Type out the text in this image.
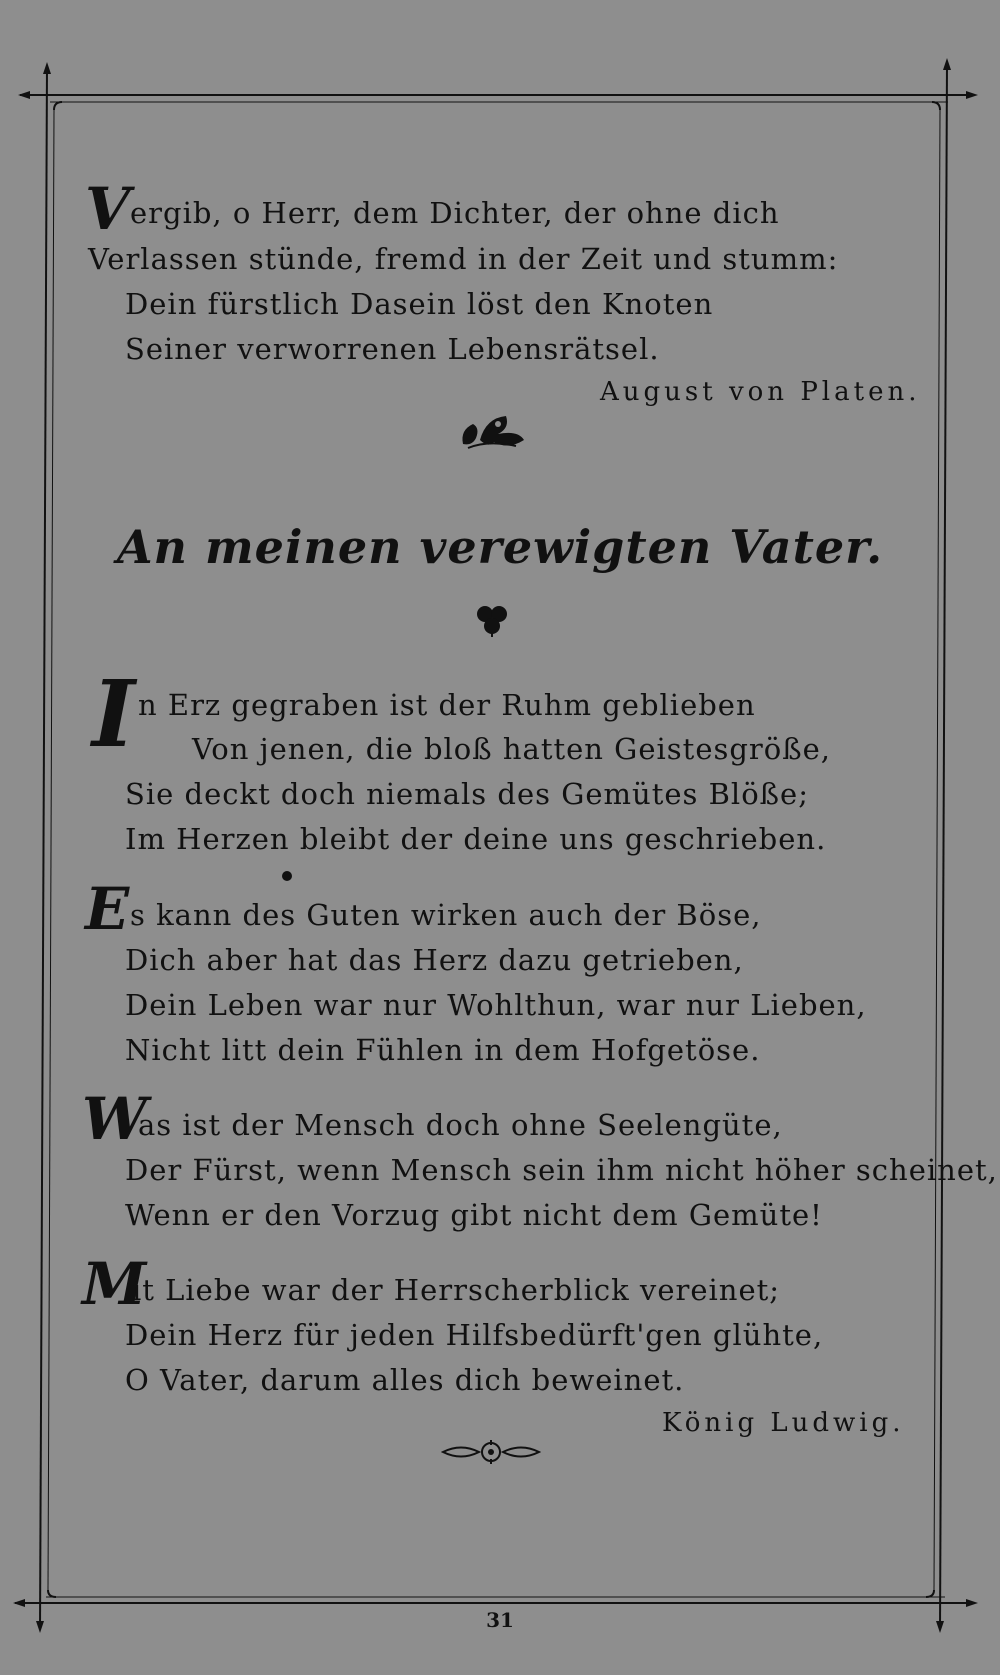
V ergib, o Herr, dem Dichter, der ohne dich
Verlassen stünde, fremd in der Zeit und stumm:
Dein fürstlich Dasein löst den Knoten
Seiner verworrenen Lebensrätsel.
August von Platen.
An meinen verewigten Vater.
I n Erz gegraben ist der Ruhm geblieben
Von jenen, die bloß hatten Geistesgröße,
Sie deckt doch niemals des Gemütes Blöße;
Im Herzen bleibt der deine uns geschrieben.
E s kann des Guten wirken auch der Böse,
Dich aber hat das Herz dazu getrieben,
Dein Leben war nur Wohlthun, war nur Lieben,
Nicht litt dein Fühlen in dem Hofgetöse.
W
as ist der Mensch doch ohne Seelengüte,
Der Fürst, wenn Mensch sein ihm nicht höher scheinet,
Wenn er den Vorzug gibt nicht dem Gemüte!
M
it Liebe war der Herrscherblick vereinet;
Dein Herz für jeden Hilfsbedürft'gen glühte,
O Vater, darum alles dich beweinet.
König Ludwig.
31
